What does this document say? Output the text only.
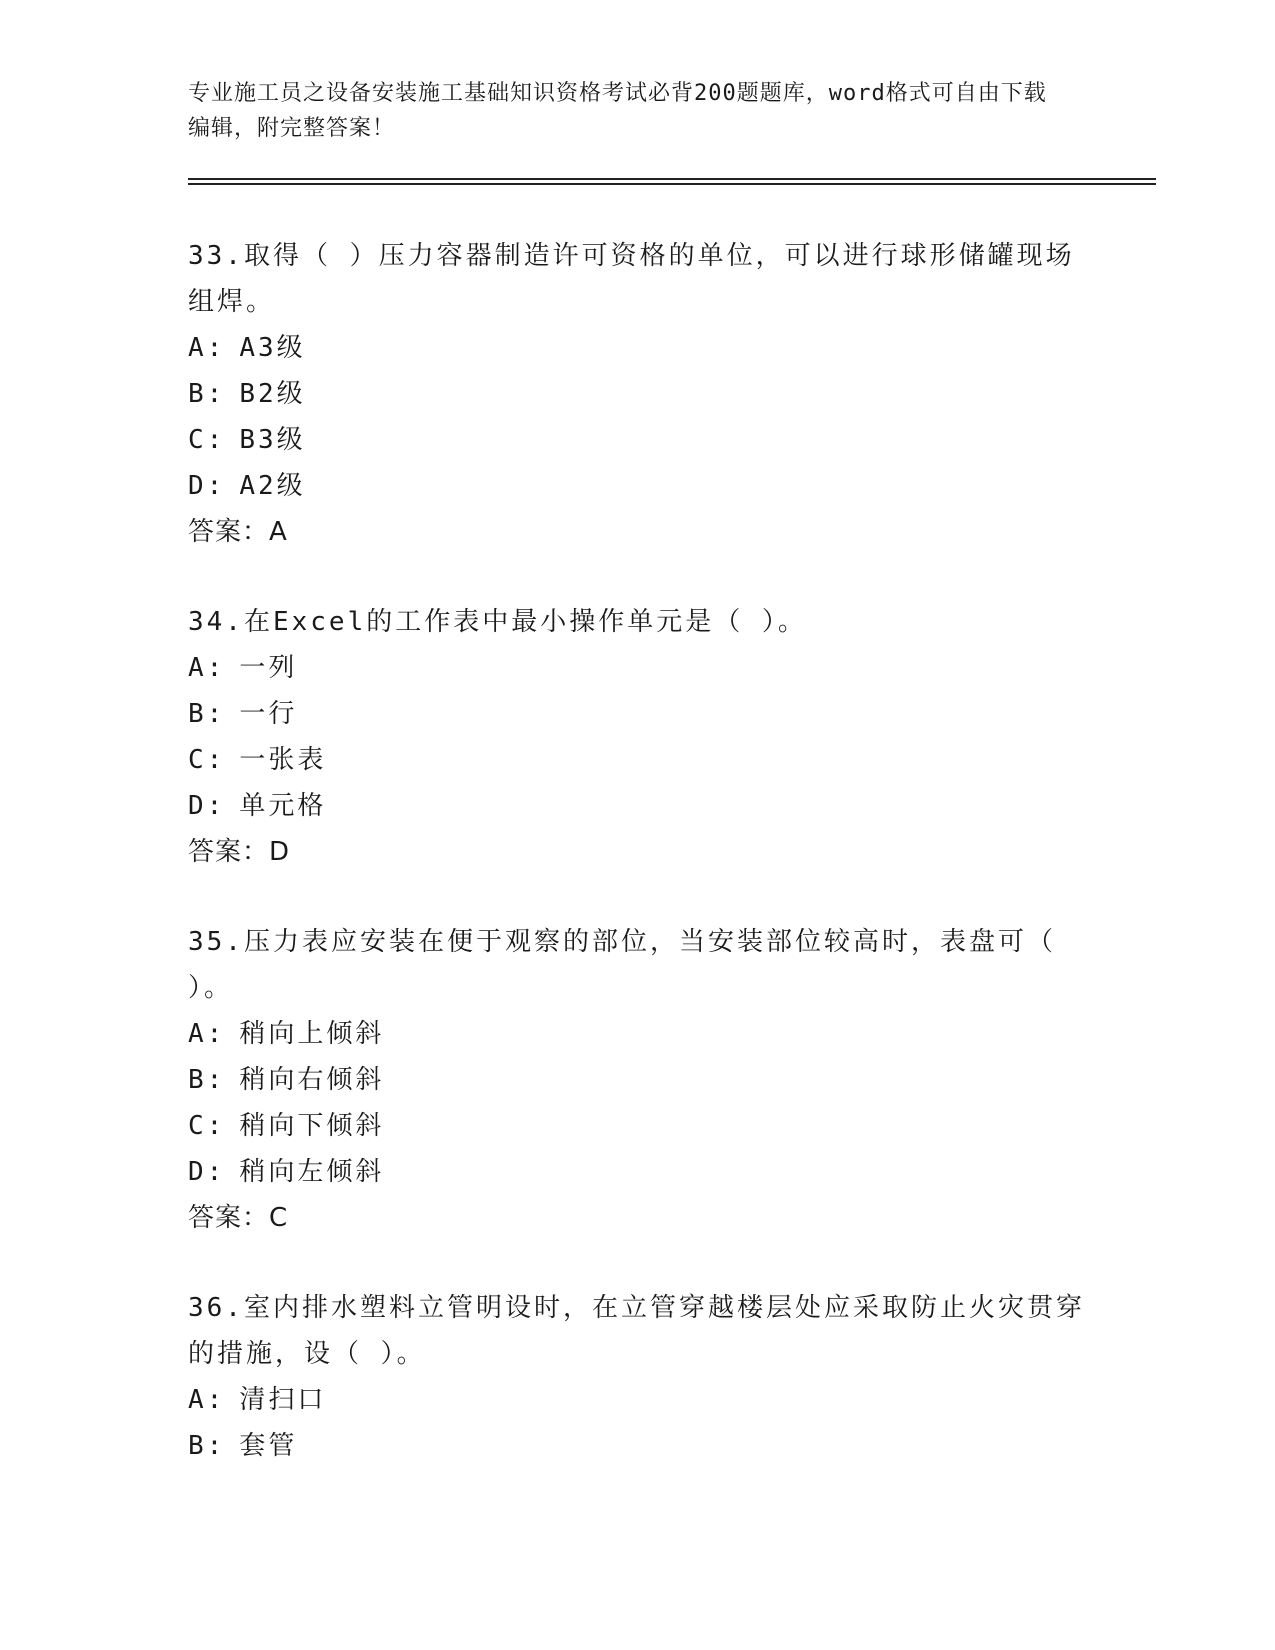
专业施工员之设备安装施工基础知识资格考试必背200题题库，word格式可自由下载编辑，附完整答案！
33.取得（ ）压力容器制造许可资格的单位，可以进行球形储罐现场组焊。
A: A3级
B: B2级
C: B3级
D: A2级
答案：A
34.在Excel的工作表中最小操作单元是（ ）。
A: 一列
B: 一行
C: 一张表
D: 单元格
答案：D
35.压力表应安装在便于观察的部位，当安装部位较高时，表盘可（ ）。
A: 稍向上倾斜
B: 稍向右倾斜
C: 稍向下倾斜
D: 稍向左倾斜
答案：C
36.室内排水塑料立管明设时，在立管穿越楼层处应采取防止火灾贯穿的措施，设（ ）。
A: 清扫口
B: 套管
